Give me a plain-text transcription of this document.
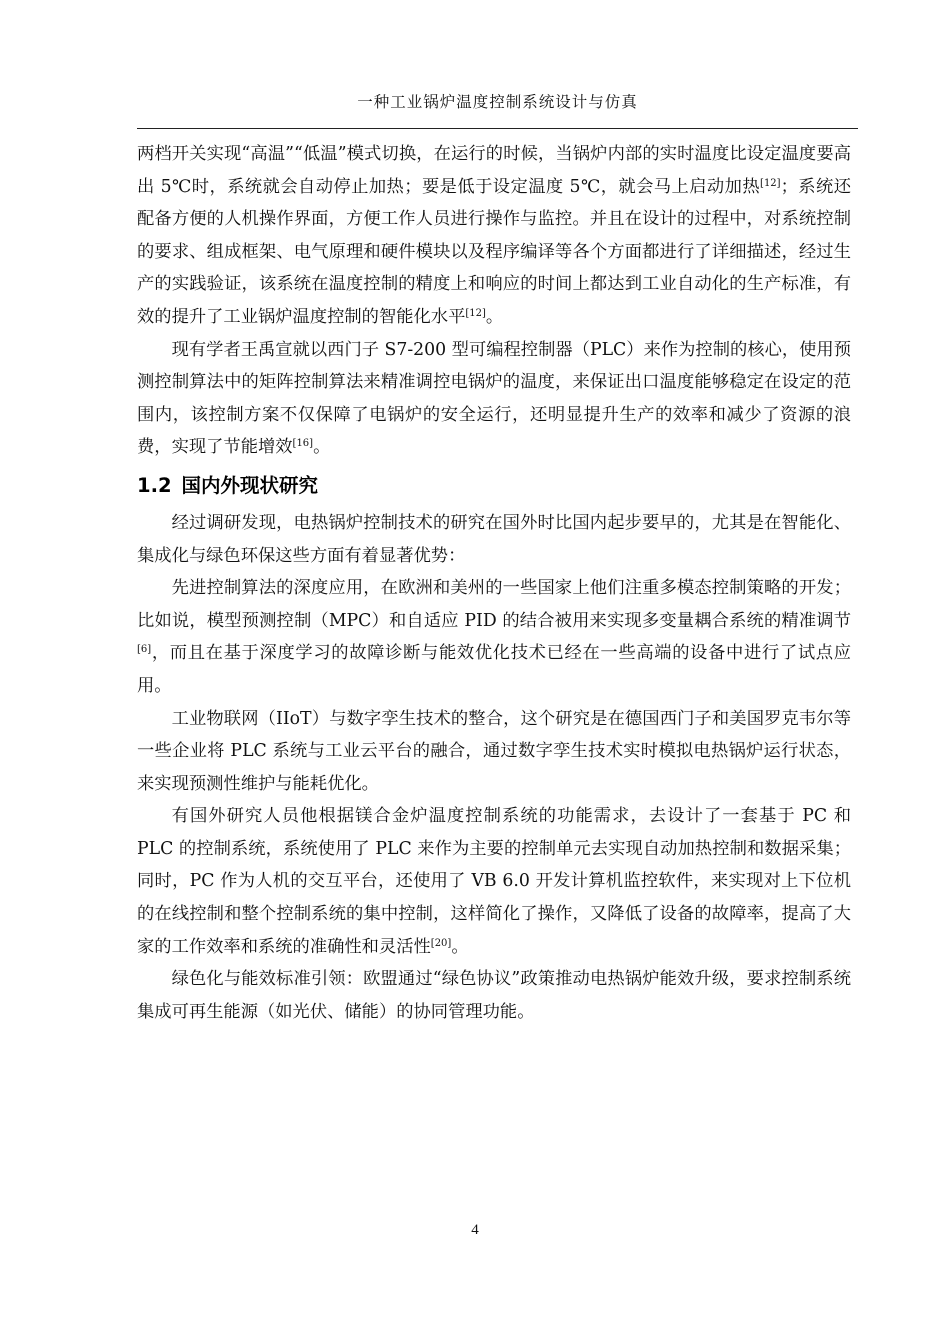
一种工业锅炉温度控制系统设计与仿真

两档开关实现“高温”“低温”模式切换，在运行的时候，当锅炉内部的实时温度比设定温度要高出 5℃时，系统就会自动停止加热；要是低于设定温度 5℃，就会马上启动加热[12]；系统还配备方便的人机操作界面，方便工作人员进行操作与监控。并且在设计的过程中，对系统控制的要求、组成框架、电气原理和硬件模块以及程序编译等各个方面都进行了详细描述，经过生产的实践验证，该系统在温度控制的精度上和响应的时间上都达到工业自动化的生产标准，有效的提升了工业锅炉温度控制的智能化水平[12]。

现有学者王禹宣就以西门子 S7-200 型可编程控制器（PLC）来作为控制的核心，使用预测控制算法中的矩阵控制算法来精准调控电锅炉的温度，来保证出口温度能够稳定在设定的范围内，该控制方案不仅保障了电锅炉的安全运行，还明显提升生产的效率和减少了资源的浪费，实现了节能增效[16]。

1.2 国内外现状研究

经过调研发现，电热锅炉控制技术的研究在国外时比国内起步要早的，尤其是在智能化、集成化与绿色环保这些方面有着显著优势：

先进控制算法的深度应用，在欧洲和美州的一些国家上他们注重多模态控制策略的开发；比如说，模型预测控制（MPC）和自适应 PID 的结合被用来实现多变量耦合系统的精准调节[6]，而且在基于深度学习的故障诊断与能效优化技术已经在一些高端的设备中进行了试点应用。

工业物联网（IIoT）与数字孪生技术的整合，这个研究是在德国西门子和美国罗克韦尔等一些企业将 PLC 系统与工业云平台的融合，通过数字孪生技术实时模拟电热锅炉运行状态，来实现预测性维护与能耗优化。

有国外研究人员他根据镁合金炉温度控制系统的功能需求，去设计了一套基于 PC 和 PLC 的控制系统，系统使用了 PLC 来作为主要的控制单元去实现自动加热控制和数据采集；同时，PC 作为人机的交互平台，还使用了 VB 6.0 开发计算机监控软件，来实现对上下位机的在线控制和整个控制系统的集中控制，这样简化了操作，又降低了设备的故障率，提高了大家的工作效率和系统的准确性和灵活性[20]。

绿色化与能效标准引领：欧盟通过“绿色协议”政策推动电热锅炉能效升级，要求控制系统集成可再生能源（如光伏、储能）的协同管理功能。

4
